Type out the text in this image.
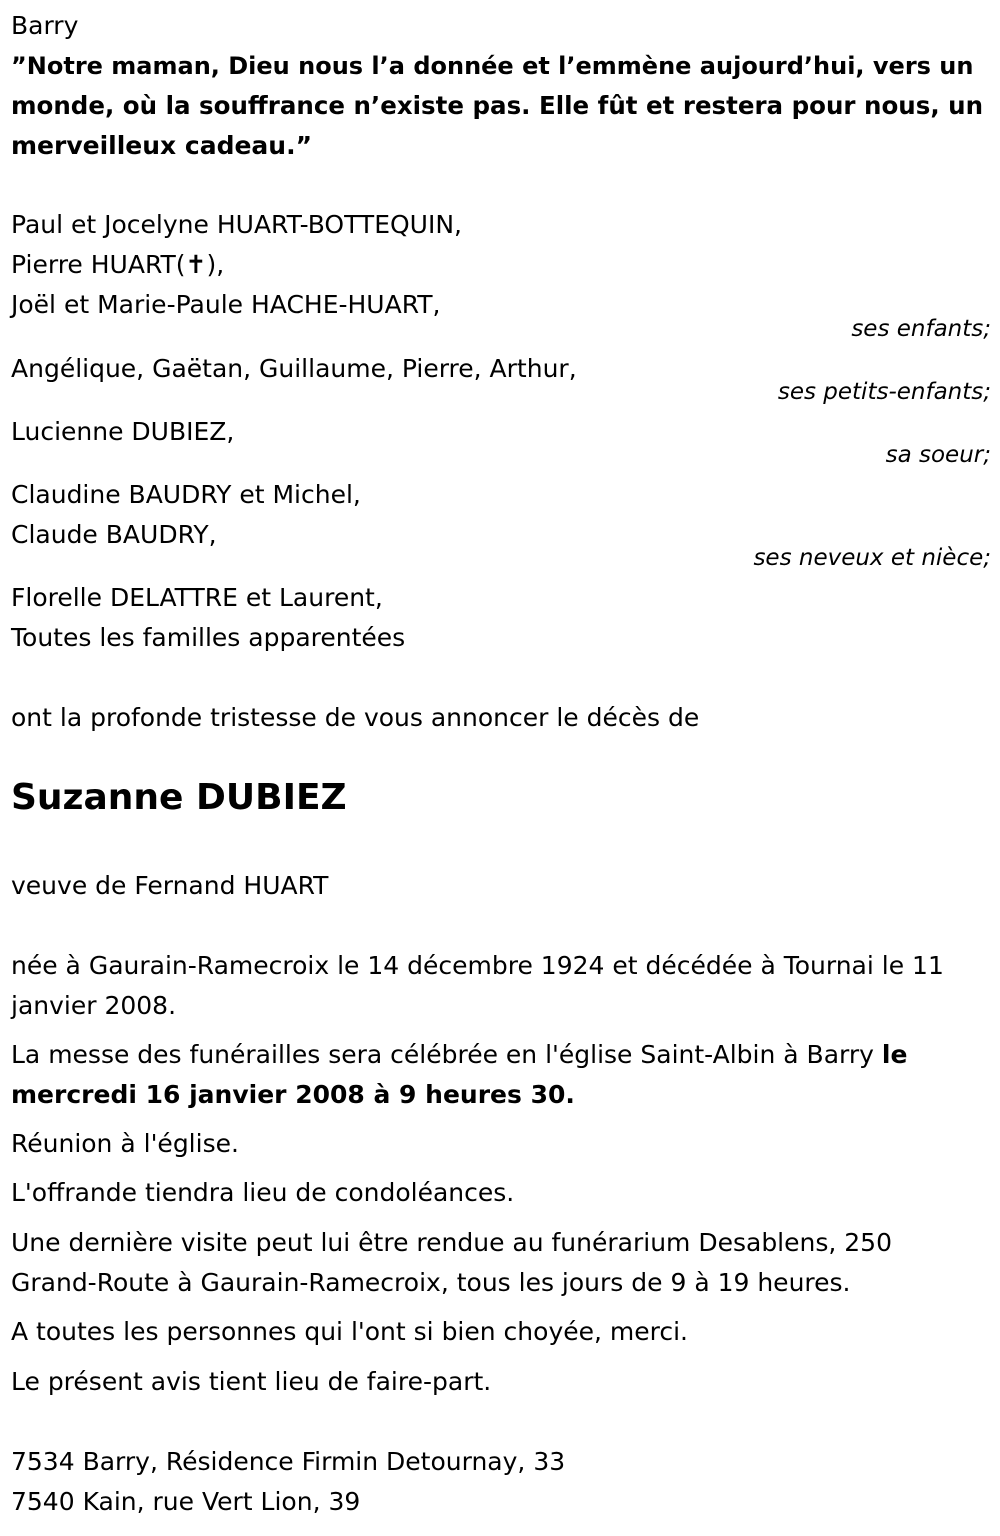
Barry
”Notre maman, Dieu nous l’a donnée et l’emmène aujourd’hui, vers un
monde, où la souffrance n’existe pas. Elle fût et restera pour nous, un
merveilleux cadeau.”
Paul et Jocelyne HUART-BOTTEQUIN,
Pierre HUART(✝),
Joël et Marie-Paule HACHE-HUART,
ses enfants;
Angélique, Gaëtan, Guillaume, Pierre, Arthur,
ses petits-enfants;
Lucienne DUBIEZ,
sa soeur;
Claudine BAUDRY et Michel,
Claude BAUDRY,
ses neveux et nièce;
Florelle DELATTRE et Laurent,
Toutes les familles apparentées
ont la profonde tristesse de vous annoncer le décès de
Suzanne DUBIEZ
veuve de Fernand HUART
née à Gaurain-Ramecroix le 14 décembre 1924 et décédée à Tournai le 11
janvier 2008.
La messe des funérailles sera célébrée en l'église Saint-Albin à Barry le
mercredi 16 janvier 2008 à 9 heures 30.
Réunion à l'église.
L'offrande tiendra lieu de condoléances.
Une dernière visite peut lui être rendue au funérarium Desablens, 250
Grand-Route à Gaurain-Ramecroix, tous les jours de 9 à 19 heures.
A toutes les personnes qui l'ont si bien choyée, merci.
Le présent avis tient lieu de faire-part.
7534 Barry, Résidence Firmin Detournay, 33
7540 Kain, rue Vert Lion, 39
